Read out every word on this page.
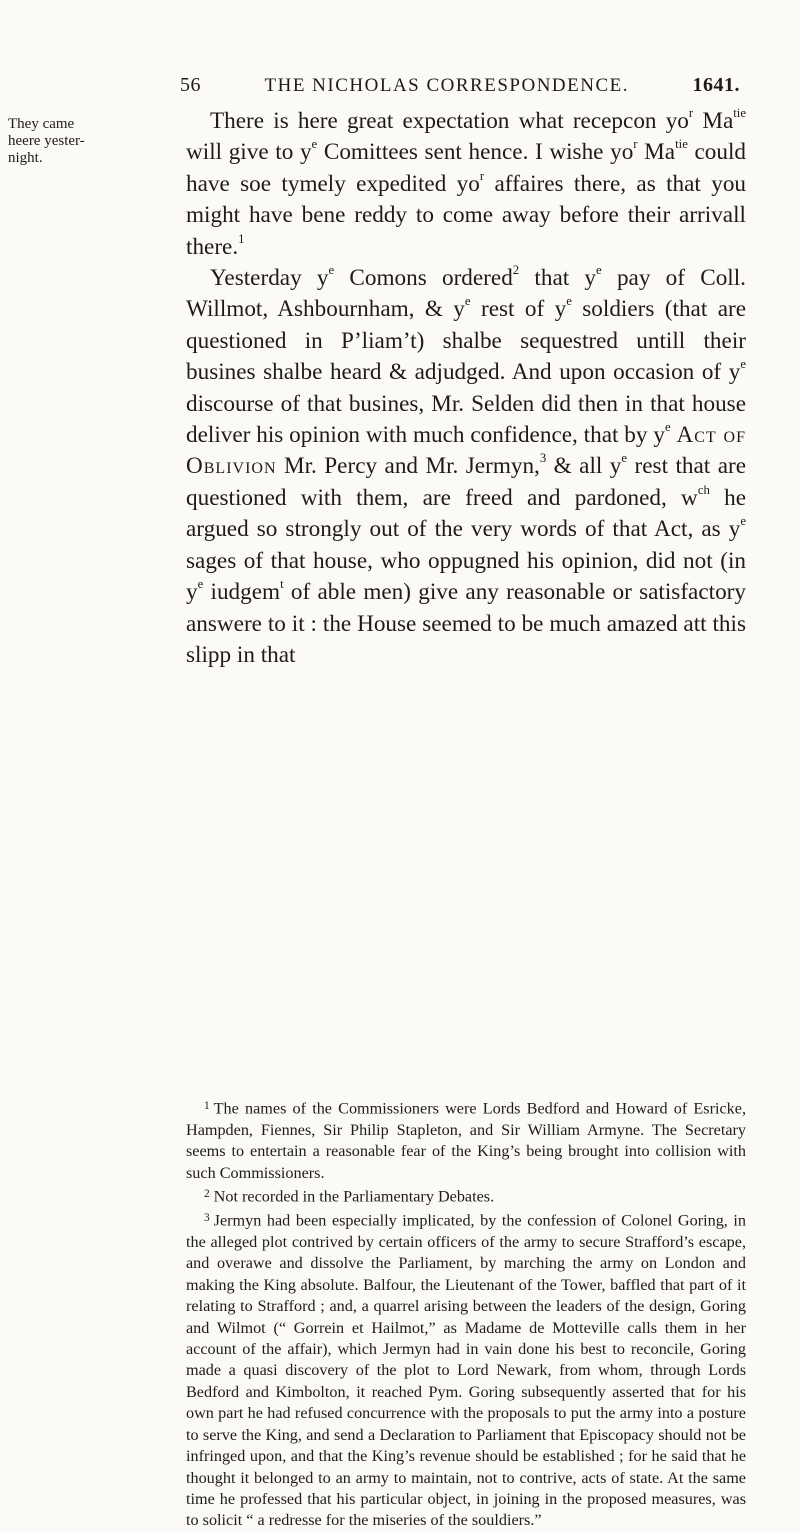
56	THE NICHOLAS CORRESPONDENCE.	1641.
They came heere yester-night.

There is here great expectation what recepcon $yo^r$ $Ma^{tie}$ will give to $y^e$ Comittees sent hence. I wishe $yo^r$ $Ma^{tie}$ could have soe tymely expedited $yo^r$ affaires there, as that you might have bene reddy to come away before their arrivall there.$^1$

Yesterday $y^e$ Comons ordered$^2$ that $y^e$ pay of Coll. Willmot, Ashbournham, & $y^e$ rest of $y^e$ soldiers (that are questioned in P’liam’t) shalbe sequestred untill their busines shalbe heard & adjudged. And upon occasion of $y^e$ discourse of that busines, Mr. Selden did then in that house deliver his opinion with much confidence, that by $y^e$ Act of Oblivion Mr. Percy and Mr. Jermyn,$^3$ & all $y^e$ rest that are questioned with them, are freed and pardoned, $w^{ch}$ he argued so strongly out of the very words of that Act, as $y^e$ sages of that house, who oppugned his opinion, did not (in $y^e$ iudgem$^t$ of able men) give any reasonable or satisfactory answere to it : the House seemed to be much amazed att this slipp in that

$^1$ The names of the Commissioners were Lords Bedford and Howard of Esricke, Hampden, Fiennes, Sir Philip Stapleton, and Sir William Armyne. The Secretary seems to entertain a reasonable fear of the King’s being brought into collision with such Commissioners.

$^2$ Not recorded in the Parliamentary Debates.

$^3$ Jermyn had been especially implicated, by the confession of Colonel Goring, in the alleged plot contrived by certain officers of the army to secure Strafford’s escape, and overawe and dissolve the Parliament, by marching the army on London and making the King absolute. Balfour, the Lieutenant of the Tower, baffled that part of it relating to Strafford ; and, a quarrel arising between the leaders of the design, Goring and Wilmot (“ Gorrein et Hailmot,” as Madame de Motteville calls them in her account of the affair), which Jermyn had in vain done his best to reconcile, Goring made a quasi discovery of the plot to Lord Newark, from whom, through Lords Bedford and Kimbolton, it reached Pym. Goring subsequently asserted that for his own part he had refused concurrence with the proposals to put the army into a posture to serve the King, and send a Declaration to Parliament that Episcopacy should not be infringed upon, and that the King’s revenue should be established ; for he said that he thought it belonged to an army to maintain, not to contrive, acts of state. At the same time he professed that his particular object, in joining in the proposed measures, was to solicit “ a redresse for the miseries of the souldiers.”
